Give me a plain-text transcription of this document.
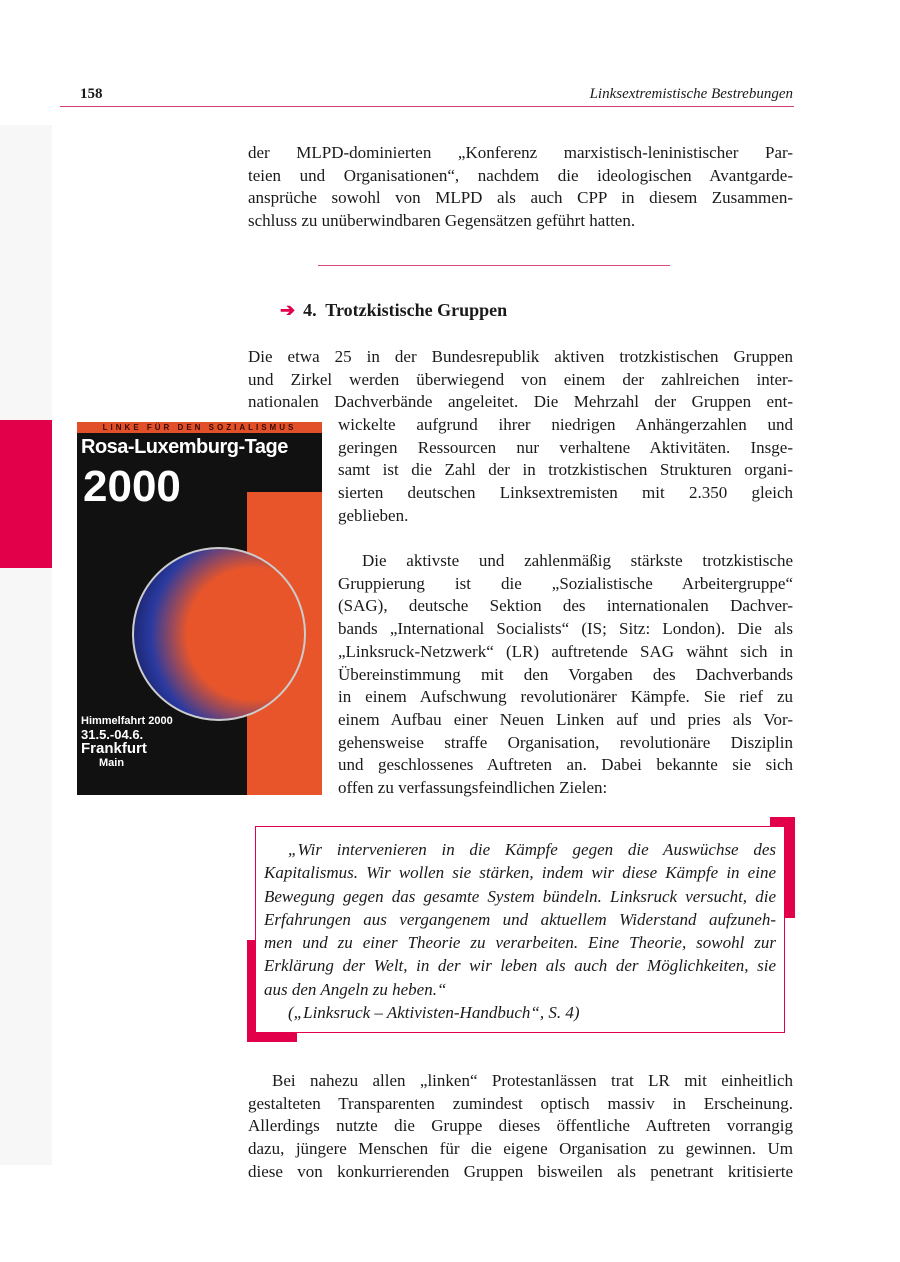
158	Linksextremistische Bestrebungen
der MLPD-dominierten „Konferenz marxistisch-leninistischer Par-
teien und Organisationen“, nachdem die ideologischen Avantgarde-
ansprüche sowohl von MLPD als auch CPP in diesem Zusammen-
schluss zu unüberwindbaren Gegensätzen geführt hatten.
➔ 4. Trotzkistische Gruppen
Die etwa 25 in der Bundesrepublik aktiven trotzkistischen Gruppen
und Zirkel werden überwiegend von einem der zahlreichen inter-
nationalen Dachverbände angeleitet. Die Mehrzahl der Gruppen ent-
wickelte aufgrund ihrer niedrigen Anhängerzahlen und
geringen Ressourcen nur verhaltene Aktivitäten. Insge-
samt ist die Zahl der in trotzkistischen Strukturen organi-
sierten deutschen Linksextremisten mit 2.350 gleich
geblieben.
Die aktivste und zahlenmäßig stärkste trotzkistische
Gruppierung ist die „Sozialistische Arbeitergruppe“
(SAG), deutsche Sektion des internationalen Dachver-
bands „International Socialists“ (IS; Sitz: London). Die als
„Linksruck-Netzwerk“ (LR) auftretende SAG wähnt sich in
Übereinstimmung mit den Vorgaben des Dachverbands
in einem Aufschwung revolutionärer Kämpfe. Sie rief zu
einem Aufbau einer Neuen Linken auf und pries als Vor-
gehensweise straffe Organisation, revolutionäre Disziplin
und geschlossenes Auftreten an. Dabei bekannte sie sich
offen zu verfassungsfeindlichen Zielen:
LINKE FÜR DEN SOZIALISMUS
Rosa-Luxemburg-Tage
2000
Himmelfahrt 2000
31.5.-04.6.
Frankfurt
Main
„Wir intervenieren in die Kämpfe gegen die Auswüchse des
Kapitalismus. Wir wollen sie stärken, indem wir diese Kämpfe in eine
Bewegung gegen das gesamte System bündeln. Linksruck versucht, die
Erfahrungen aus vergangenem und aktuellem Widerstand aufzuneh-
men und zu einer Theorie zu verarbeiten. Eine Theorie, sowohl zur
Erklärung der Welt, in der wir leben als auch der Möglichkeiten, sie
aus den Angeln zu heben.“
(„Linksruck – Aktivisten-Handbuch“, S. 4)
Bei nahezu allen „linken“ Protestanlässen trat LR mit einheitlich
gestalteten Transparenten zumindest optisch massiv in Erscheinung.
Allerdings nutzte die Gruppe dieses öffentliche Auftreten vorrangig
dazu, jüngere Menschen für die eigene Organisation zu gewinnen. Um
diese von konkurrierenden Gruppen bisweilen als penetrant kritisierte
